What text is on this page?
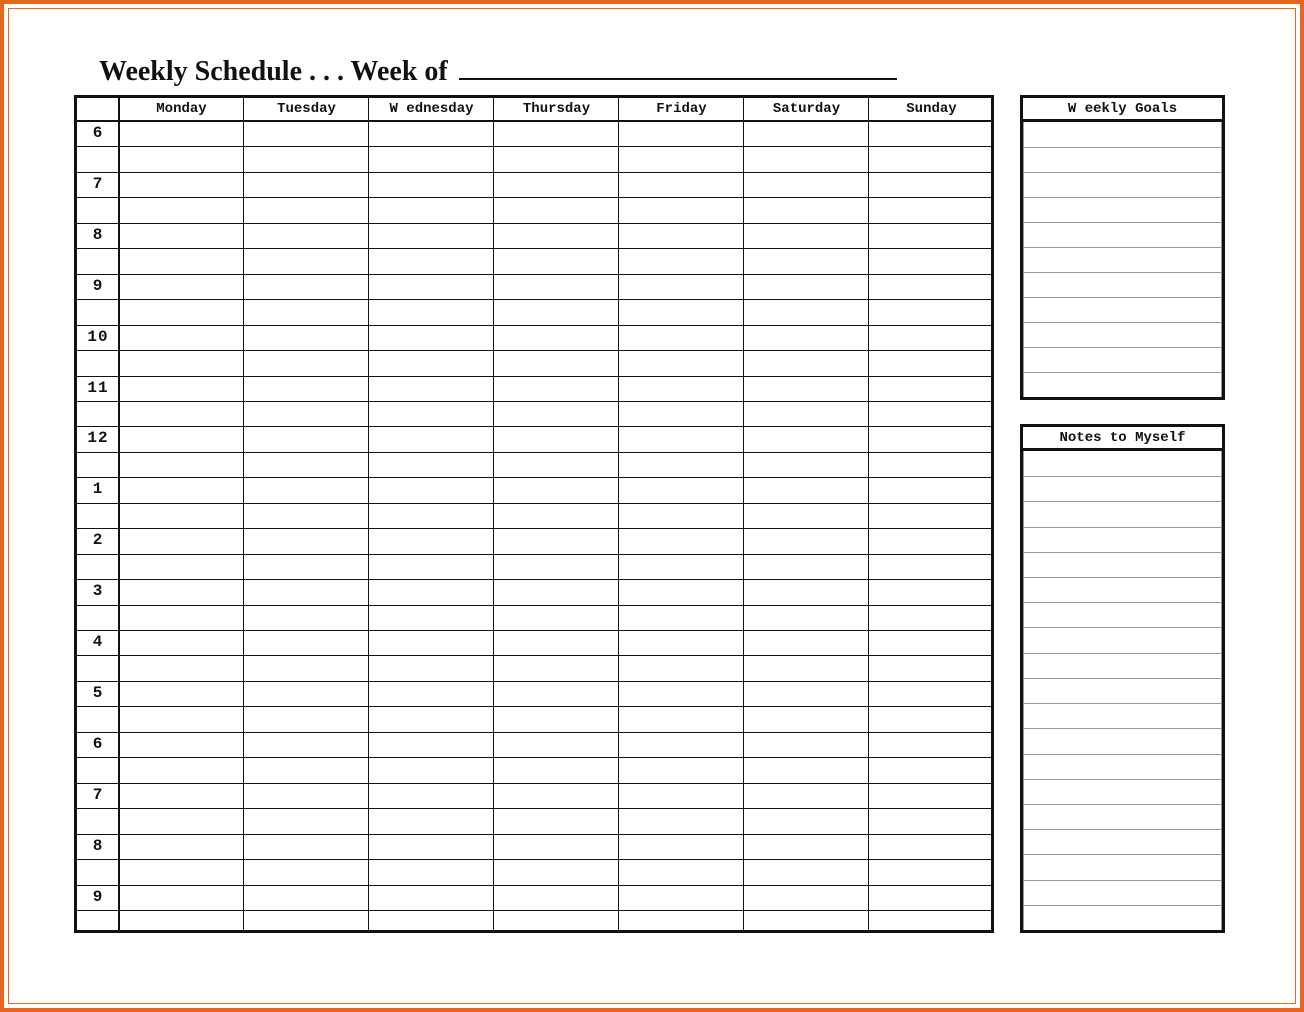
Weekly Schedule . . . Week of
Monday	Tuesday	W ednesday	Thursday	Friday	Saturday	Sunday
6
7
8
9
10
11
12
1
2
3
4
5
6
7
8
9
W eekly Goals
Notes to Myself
